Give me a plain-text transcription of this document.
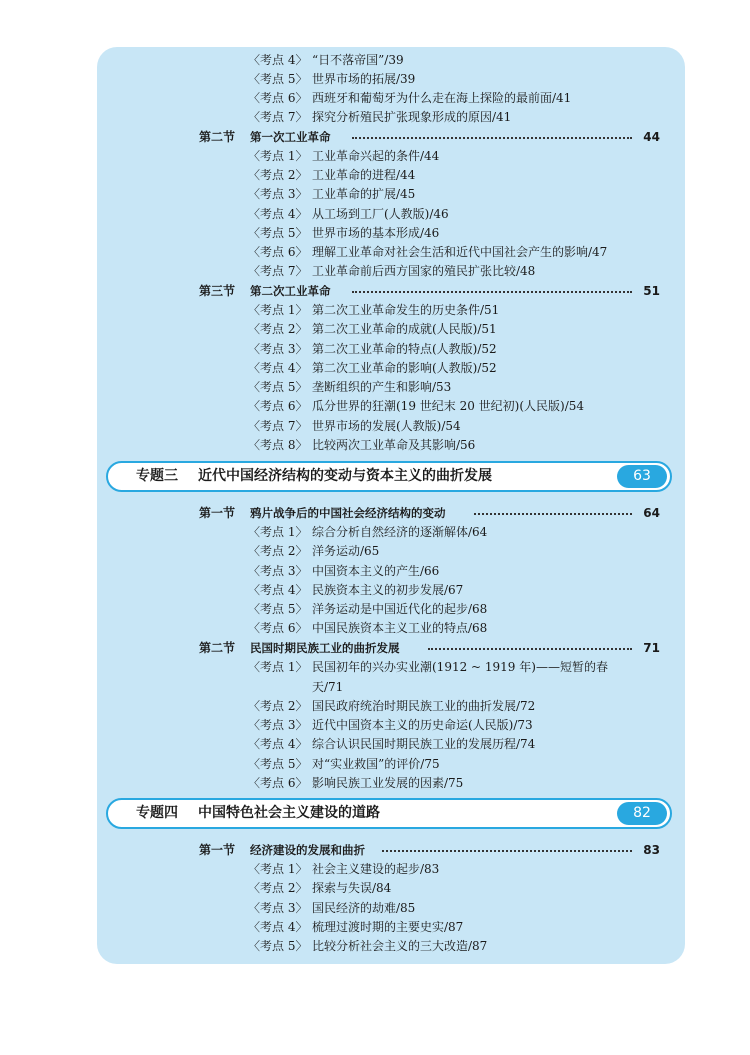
〈考点 4〉 “日不落帝国”/39
〈考点 5〉 世界市场的拓展/39
〈考点 6〉 西班牙和葡萄牙为什么走在海上探险的最前面/41
〈考点 7〉 探究分析殖民扩张现象形成的原因/41
第二节 第一次工业革命	44
〈考点 1〉 工业革命兴起的条件/44
〈考点 2〉 工业革命的进程/44
〈考点 3〉 工业革命的扩展/45
〈考点 4〉 从工场到工厂(人教版)/46
〈考点 5〉 世界市场的基本形成/46
〈考点 6〉 理解工业革命对社会生活和近代中国社会产生的影响/47
〈考点 7〉 工业革命前后西方国家的殖民扩张比较/48
第三节 第二次工业革命	51
〈考点 1〉 第二次工业革命发生的历史条件/51
〈考点 2〉 第二次工业革命的成就(人民版)/51
〈考点 3〉 第二次工业革命的特点(人教版)/52
〈考点 4〉 第二次工业革命的影响(人教版)/52
〈考点 5〉 垄断组织的产生和影响/53
〈考点 6〉 瓜分世界的狂潮(19 世纪末 20 世纪初)(人民版)/54
〈考点 7〉 世界市场的发展(人教版)/54
〈考点 8〉 比较两次工业革命及其影响/56
专题三 近代中国经济结构的变动与资本主义的曲折发展	63
第一节 鸦片战争后的中国社会经济结构的变动	64
〈考点 1〉 综合分析自然经济的逐渐解体/64
〈考点 2〉 洋务运动/65
〈考点 3〉 中国资本主义的产生/66
〈考点 4〉 民族资本主义的初步发展/67
〈考点 5〉 洋务运动是中国近代化的起步/68
〈考点 6〉 中国民族资本主义工业的特点/68
第二节 民国时期民族工业的曲折发展	71
〈考点 1〉 民国初年的兴办实业潮(1912 ~ 1919 年)——短暂的春
天/71
〈考点 2〉 国民政府统治时期民族工业的曲折发展/72
〈考点 3〉 近代中国资本主义的历史命运(人民版)/73
〈考点 4〉 综合认识民国时期民族工业的发展历程/74
〈考点 5〉 对“实业救国”的评价/75
〈考点 6〉 影响民族工业发展的因素/75
专题四 中国特色社会主义建设的道路	82
第一节 经济建设的发展和曲折	83
〈考点 1〉 社会主义建设的起步/83
〈考点 2〉 探索与失误/84
〈考点 3〉 国民经济的劫难/85
〈考点 4〉 梳理过渡时期的主要史实/87
〈考点 5〉 比较分析社会主义的三大改造/87
